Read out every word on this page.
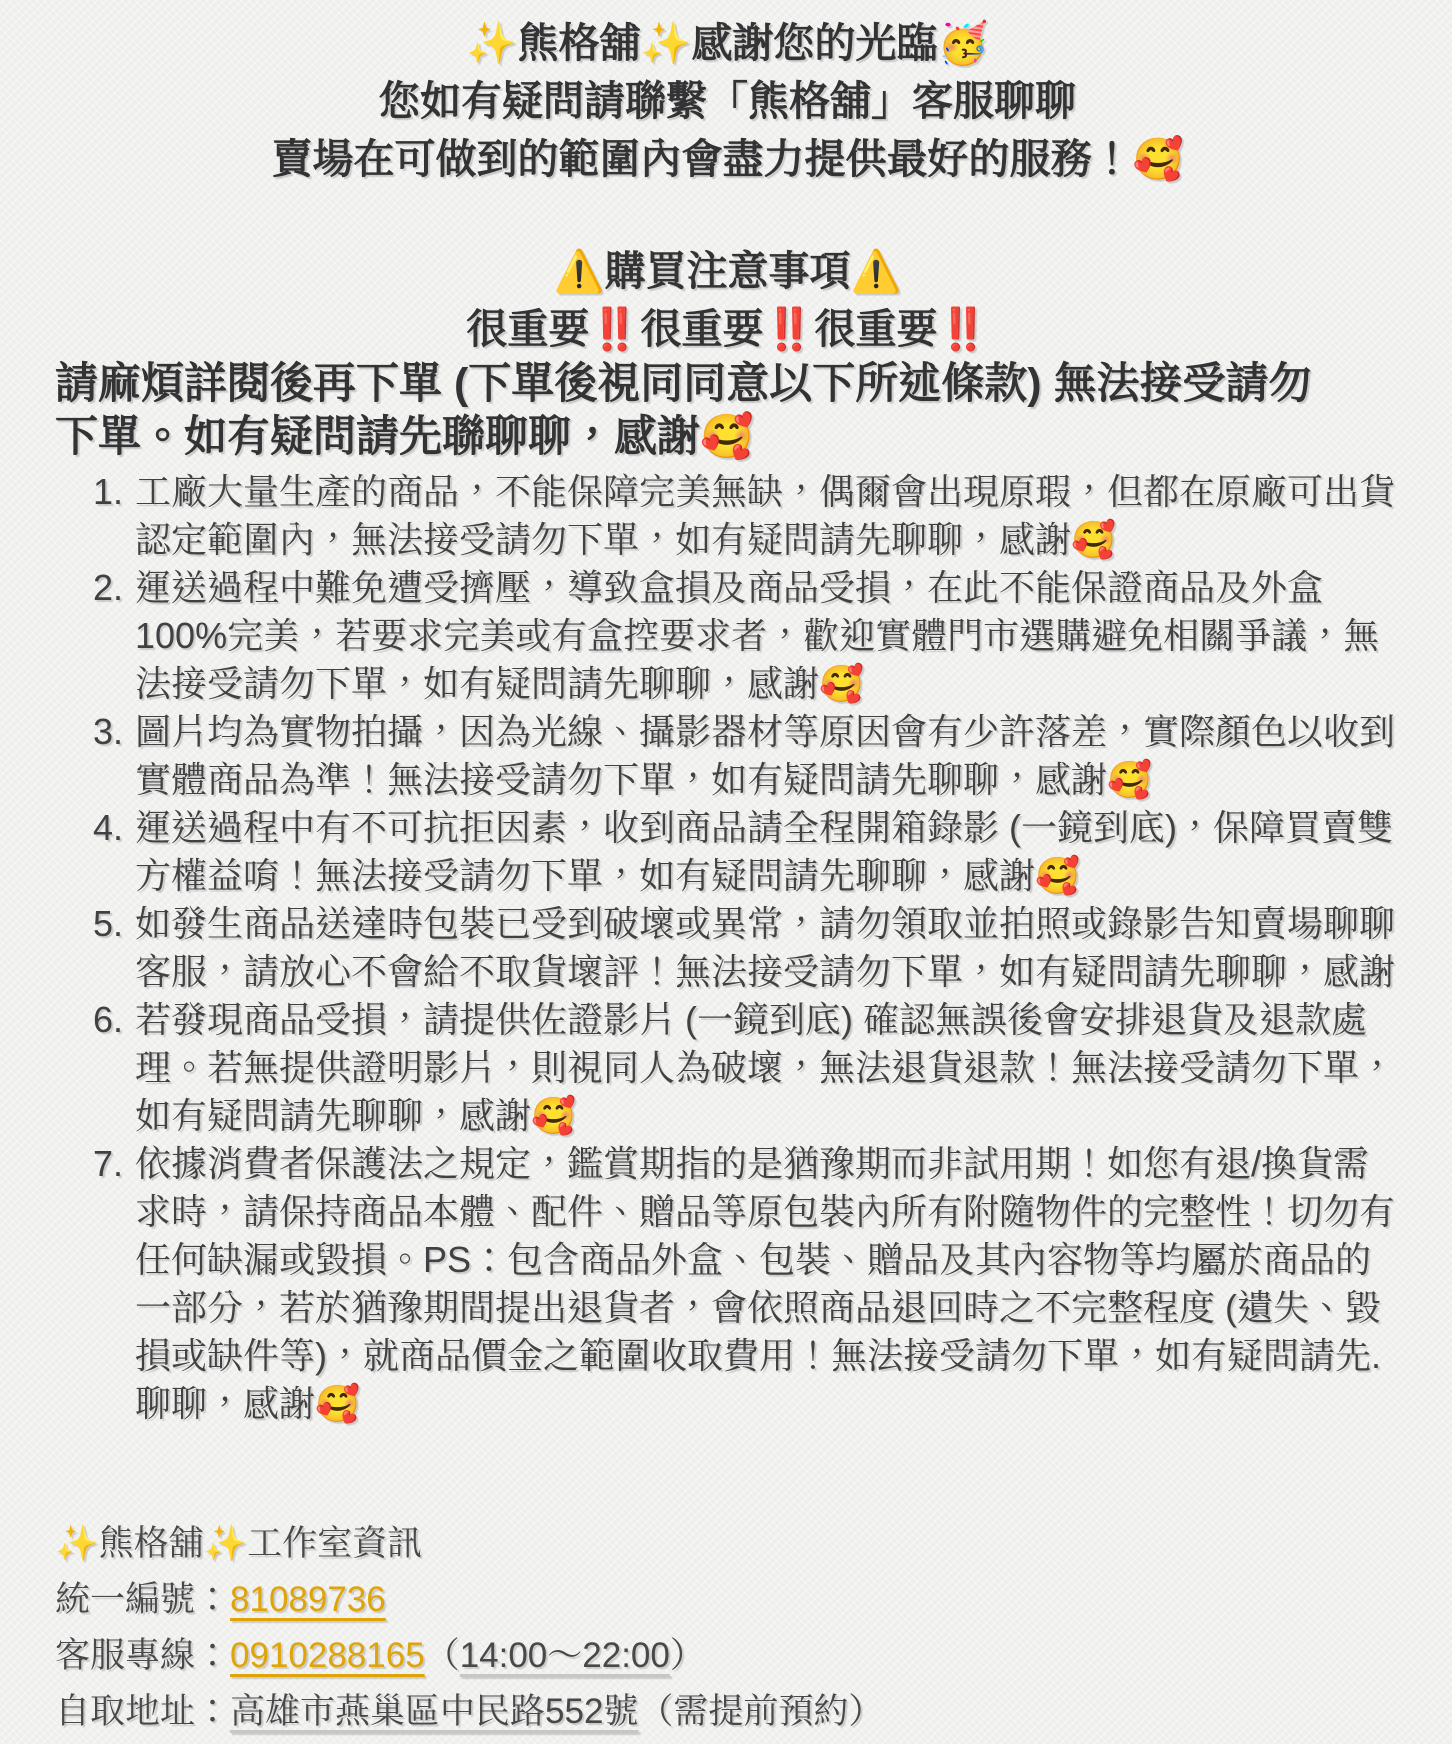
✨熊格舖✨感謝您的光臨🥳
您如有疑問請聯繫「熊格舖」客服聊聊
賣場在可做到的範圍內會盡力提供最好的服務！🥰
⚠️購買注意事項⚠️
很重要‼️很重要‼️很重要‼️

請麻煩詳閱後再下單 (下單後視同同意以下所述條款) 無法接受請勿
下單。如有疑問請先聯聊聊，感謝🥰

1. 工廠大量生產的商品，不能保障完美無缺，偶爾會出現原瑕，但都在原廠可出貨認定範圍內，無法接受請勿下單，如有疑問請先聊聊，感謝🥰
2. 運送過程中難免遭受擠壓，導致盒損及商品受損，在此不能保證商品及外盒100%完美，若要求完美或有盒控要求者，歡迎實體門市選購避免相關爭議，無法接受請勿下單，如有疑問請先聊聊，感謝🥰
3. 圖片均為實物拍攝，因為光線、攝影器材等原因會有少許落差，實際顏色以收到實體商品為準！無法接受請勿下單，如有疑問請先聊聊，感謝🥰
4. 運送過程中有不可抗拒因素，收到商品請全程開箱錄影 (一鏡到底)，保障買賣雙方權益唷！無法接受請勿下單，如有疑問請先聊聊，感謝🥰
5. 如發生商品送達時包裝已受到破壞或異常，請勿領取並拍照或錄影告知賣場聊聊客服，請放心不會給不取貨壞評！無法接受請勿下單，如有疑問請先聊聊，感謝
6. 若發現商品受損，請提供佐證影片 (一鏡到底) 確認無誤後會安排退貨及退款處理。若無提供證明影片，則視同人為破壞，無法退貨退款！無法接受請勿下單，如有疑問請先聊聊，感謝🥰
7. 依據消費者保護法之規定，鑑賞期指的是猶豫期而非試用期！如您有退/換貨需求時，請保持商品本體、配件、贈品等原包裝內所有附隨物件的完整性！切勿有任何缺漏或毀損。PS：包含商品外盒、包裝、贈品及其內容物等均屬於商品的一部分，若於猶豫期間提出退貨者，會依照商品退回時之不完整程度 (遺失、毀損或缺件等)，就商品價金之範圍收取費用！無法接受請勿下單，如有疑問請先.聊聊，感謝🥰
✨熊格舖✨工作室資訊
統一編號：81089736
客服專線：0910288165（14:00～22:00）
自取地址：高雄市燕巢區中民路552號（需提前預約）
